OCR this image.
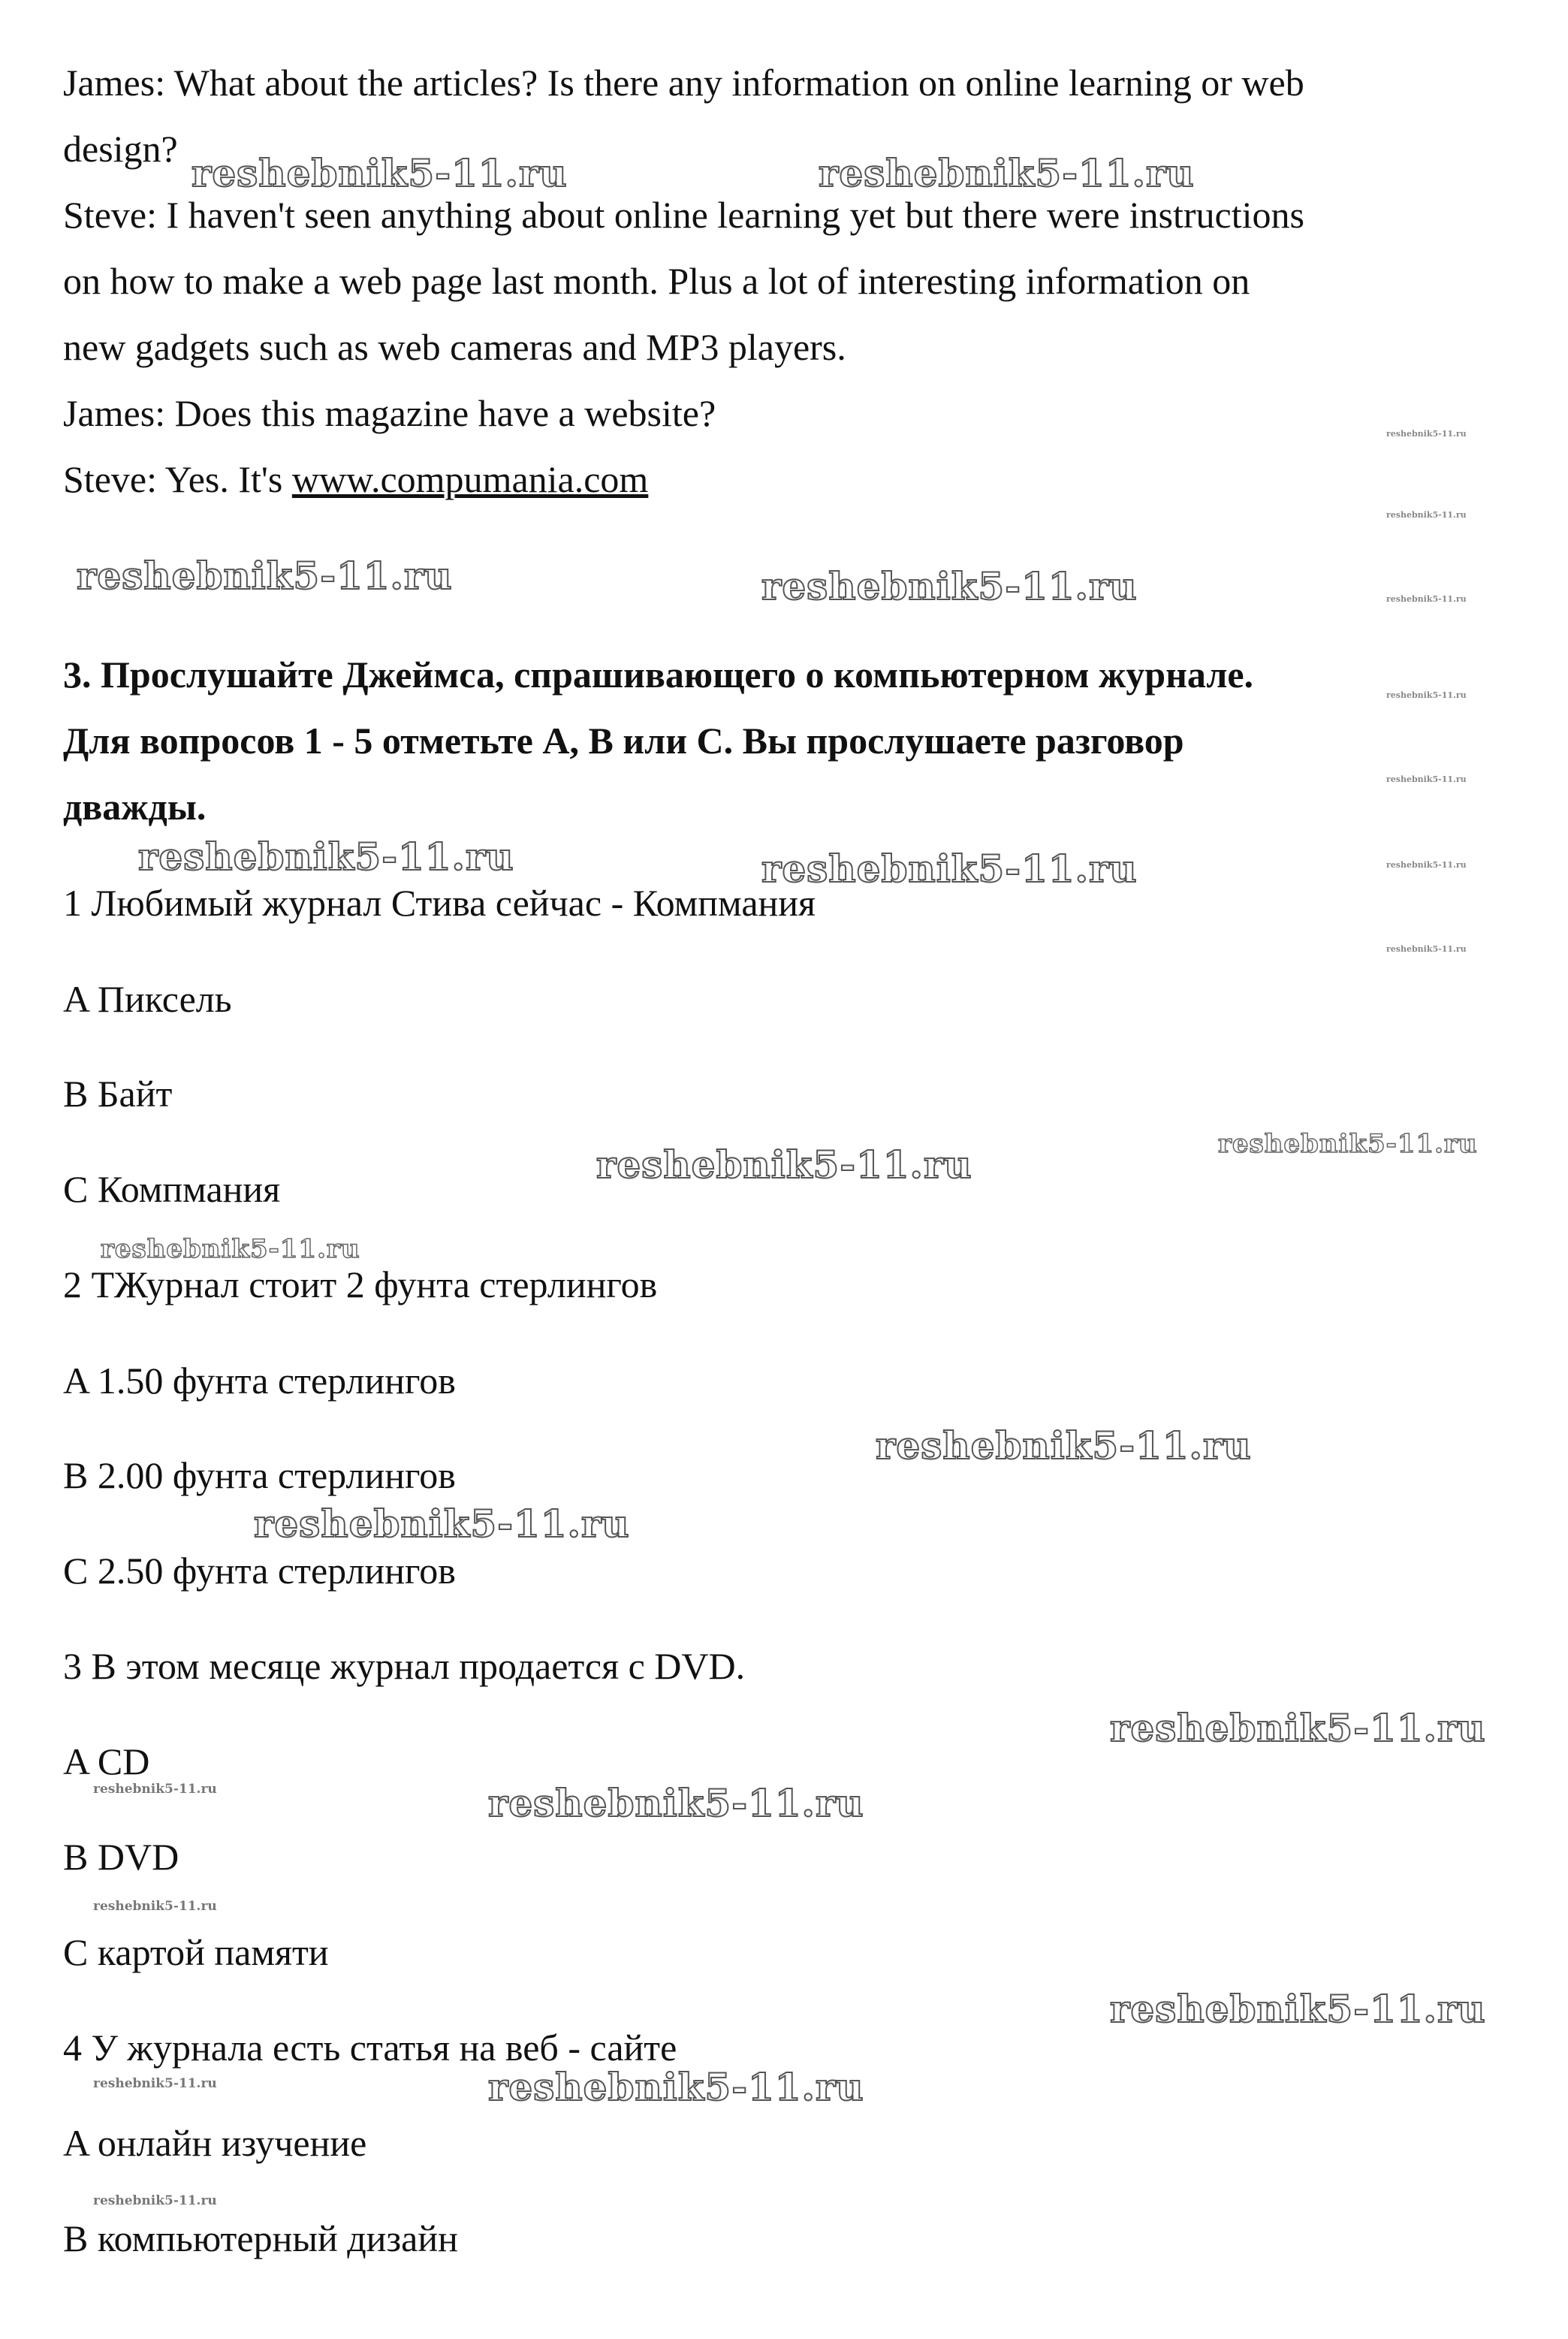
James: What about the articles? Is there any information on online learning or web
design?
Steve: I haven't seen anything about online learning yet but there were instructions
on how to make a web page last month. Plus a lot of interesting information on
new gadgets such as web cameras and MP3 players.
James: Does this magazine have a website?
Steve: Yes. It's www.compumania.com
3. Прослушайте Джеймса, спрашивающего о компьютерном журнале.
Для вопросов 1 - 5 отметьте A, B или C. Вы прослушаете разговор
дважды.
1 Любимый журнал Стива сейчас - Компмания
A Пиксель
B Байт
C Компмания
2 ТЖурнал стоит 2 фунта стерлингов
A 1.50 фунта стерлингов
B 2.00 фунта стерлингов
C 2.50 фунта стерлингов
3 В этом месяце журнал продается с DVD.
A CD
B DVD
C картой памяти
4 У журнала есть статья на веб - сайте
A онлайн изучение
B компьютерный дизайн
reshebnik5-11.ru	reshebnik5-11.ru
reshebnik5-11.ru	reshebnik5-11.ru
reshebnik5-11.ru	reshebnik5-11.ru
reshebnik5-11.ru	reshebnik5-11.ru
reshebnik5-11.ru
reshebnik5-11.ru
reshebnik5-11.ru
reshebnik5-11.ru
reshebnik5-11.ru
reshebnik5-11.ru
reshebnik5-11.ru
reshebnik5-11.ru
reshebnik5-11.ru
reshebnik5-11.ru
reshebnik5-11.ru
reshebnik5-11.ru
reshebnik5-11.ru
reshebnik5-11.ru
reshebnik5-11.ru
reshebnik5-11.ru
reshebnik5-11.ru
reshebnik5-11.ru
